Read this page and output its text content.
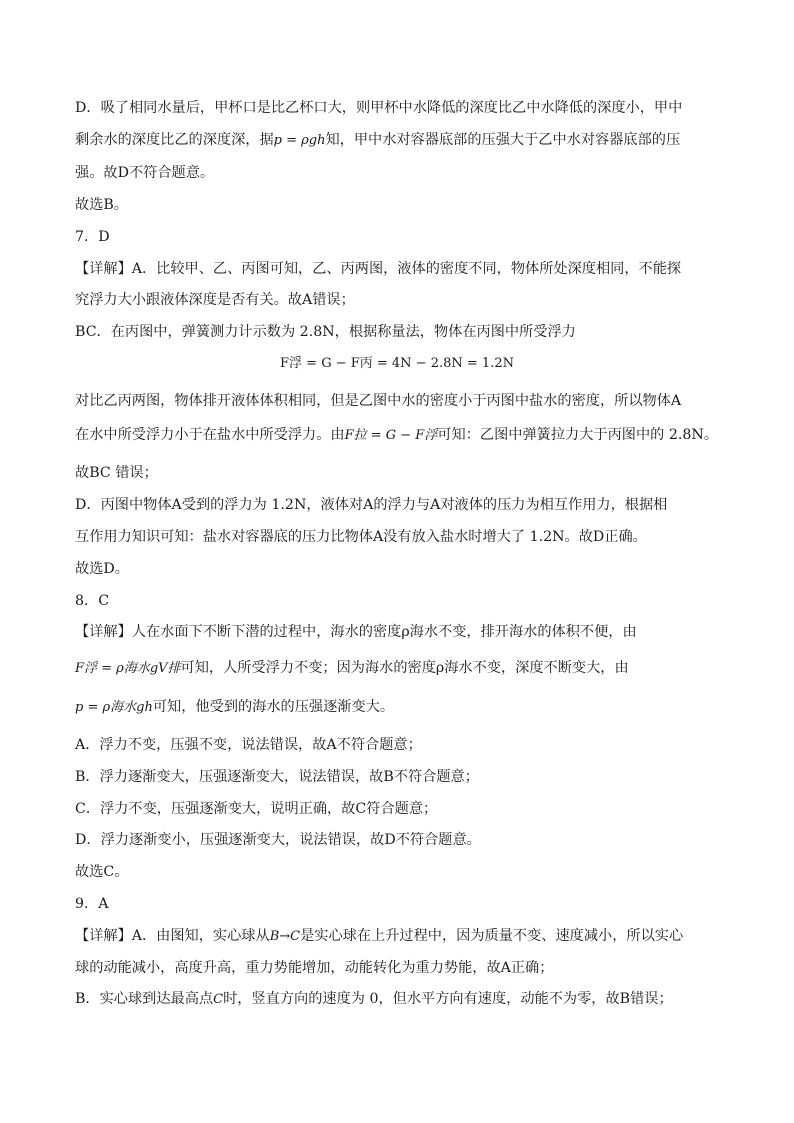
D．吸了相同水量后，甲杯口是比乙杯口大，则甲杯中水降低的深度比乙中水降低的深度小，甲中
剩余水的深度比乙的深度深，据p = ρgh知，甲中水对容器底部的压强大于乙中水对容器底部的压
强。故D不符合题意。
故选B。
7．D
【详解】A．比较甲、乙、丙图可知，乙、丙两图，液体的密度不同，物体所处深度相同，不能探
究浮力大小跟液体深度是否有关。故A错误；
BC．在丙图中，弹簧测力计示数为 2.8N，根据称量法，物体在丙图中所受浮力
F浮 = G − F丙 = 4N − 2.8N = 1.2N
对比乙丙两图，物体排开液体体积相同，但是乙图中水的密度小于丙图中盐水的密度，所以物体A
在水中所受浮力小于在盐水中所受浮力。由F拉 = G − F浮可知：乙图中弹簧拉力大于丙图中的 2.8N。
故BC 错误；
D．丙图中物体A受到的浮力为 1.2N，液体对A的浮力与A对液体的压力为相互作用力，根据相
互作用力知识可知：盐水对容器底的压力比物体A没有放入盐水时增大了 1.2N。故D正确。
故选D。
8．C
【详解】人在水面下不断下潜的过程中，海水的密度ρ海水不变，排开海水的体积不便，由
F浮 = ρ海水gV排可知，人所受浮力不变；因为海水的密度ρ海水不变，深度不断变大，由
p = ρ海水gh可知，他受到的海水的压强逐渐变大。
A．浮力不变，压强不变，说法错误，故A不符合题意；
B．浮力逐渐变大，压强逐渐变大，说法错误，故B不符合题意；
C．浮力不变，压强逐渐变大，说明正确，故C符合题意；
D．浮力逐渐变小，压强逐渐变大，说法错误，故D不符合题意。
故选C。
9．A
【详解】A．由图知，实心球从B→C是实心球在上升过程中，因为质量不变、速度减小，所以实心
球的动能减小，高度升高，重力势能增加，动能转化为重力势能，故A正确；
B．实心球到达最高点C时，竖直方向的速度为 0，但水平方向有速度，动能不为零，故B错误；
